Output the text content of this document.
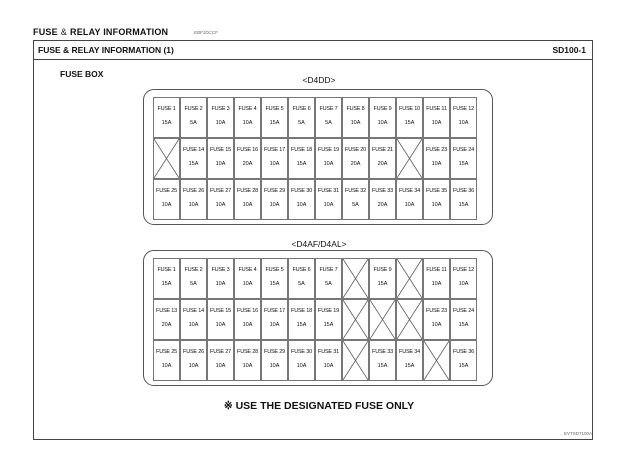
FUSE & RELAY INFORMATION	EBF1DCCF
FUSE & RELAY INFORMATION (1)	SD100-1
FUSE BOX
<D4DD>
FUSE 1
15A
FUSE 2
5A
FUSE 3
10A
FUSE 4
10A
FUSE 5
15A
FUSE 6
5A
FUSE 7
5A
FUSE 8
10A
FUSE 9
10A
FUSE 10
15A
FUSE 11
10A
FUSE 12
10A
FUSE 14
15A
FUSE 15
10A
FUSE 16
20A
FUSE 17
10A
FUSE 18
15A
FUSE 19
10A
FUSE 20
20A
FUSE 21
20A
FUSE 23
10A
FUSE 24
15A
FUSE 25
10A
FUSE 26
10A
FUSE 27
10A
FUSE 28
10A
FUSE 29
10A
FUSE 30
10A
FUSE 31
10A
FUSE 32
5A
FUSE 33
20A
FUSE 34
10A
FUSE 35
10A
FUSE 36
15A
<D4AF/D4AL>
FUSE 1
15A
FUSE 2
5A
FUSE 3
10A
FUSE 4
10A
FUSE 5
15A
FUSE 6
5A
FUSE 7
5A
FUSE 9
15A
FUSE 11
10A
FUSE 12
10A
FUSE 13
20A
FUSE 14
10A
FUSE 15
10A
FUSE 16
10A
FUSE 17
10A
FUSE 18
15A
FUSE 19
15A
FUSE 23
10A
FUSE 24
15A
FUSE 25
10A
FUSE 26
10A
FUSE 27
10A
FUSE 28
10A
FUSE 29
10A
FUSE 30
10A
FUSE 31
10A
FUSE 33
15A
FUSE 34
15A
FUSE 36
15A
※ USE THE DESIGNATED FUSE ONLY
EVTSD7100A
